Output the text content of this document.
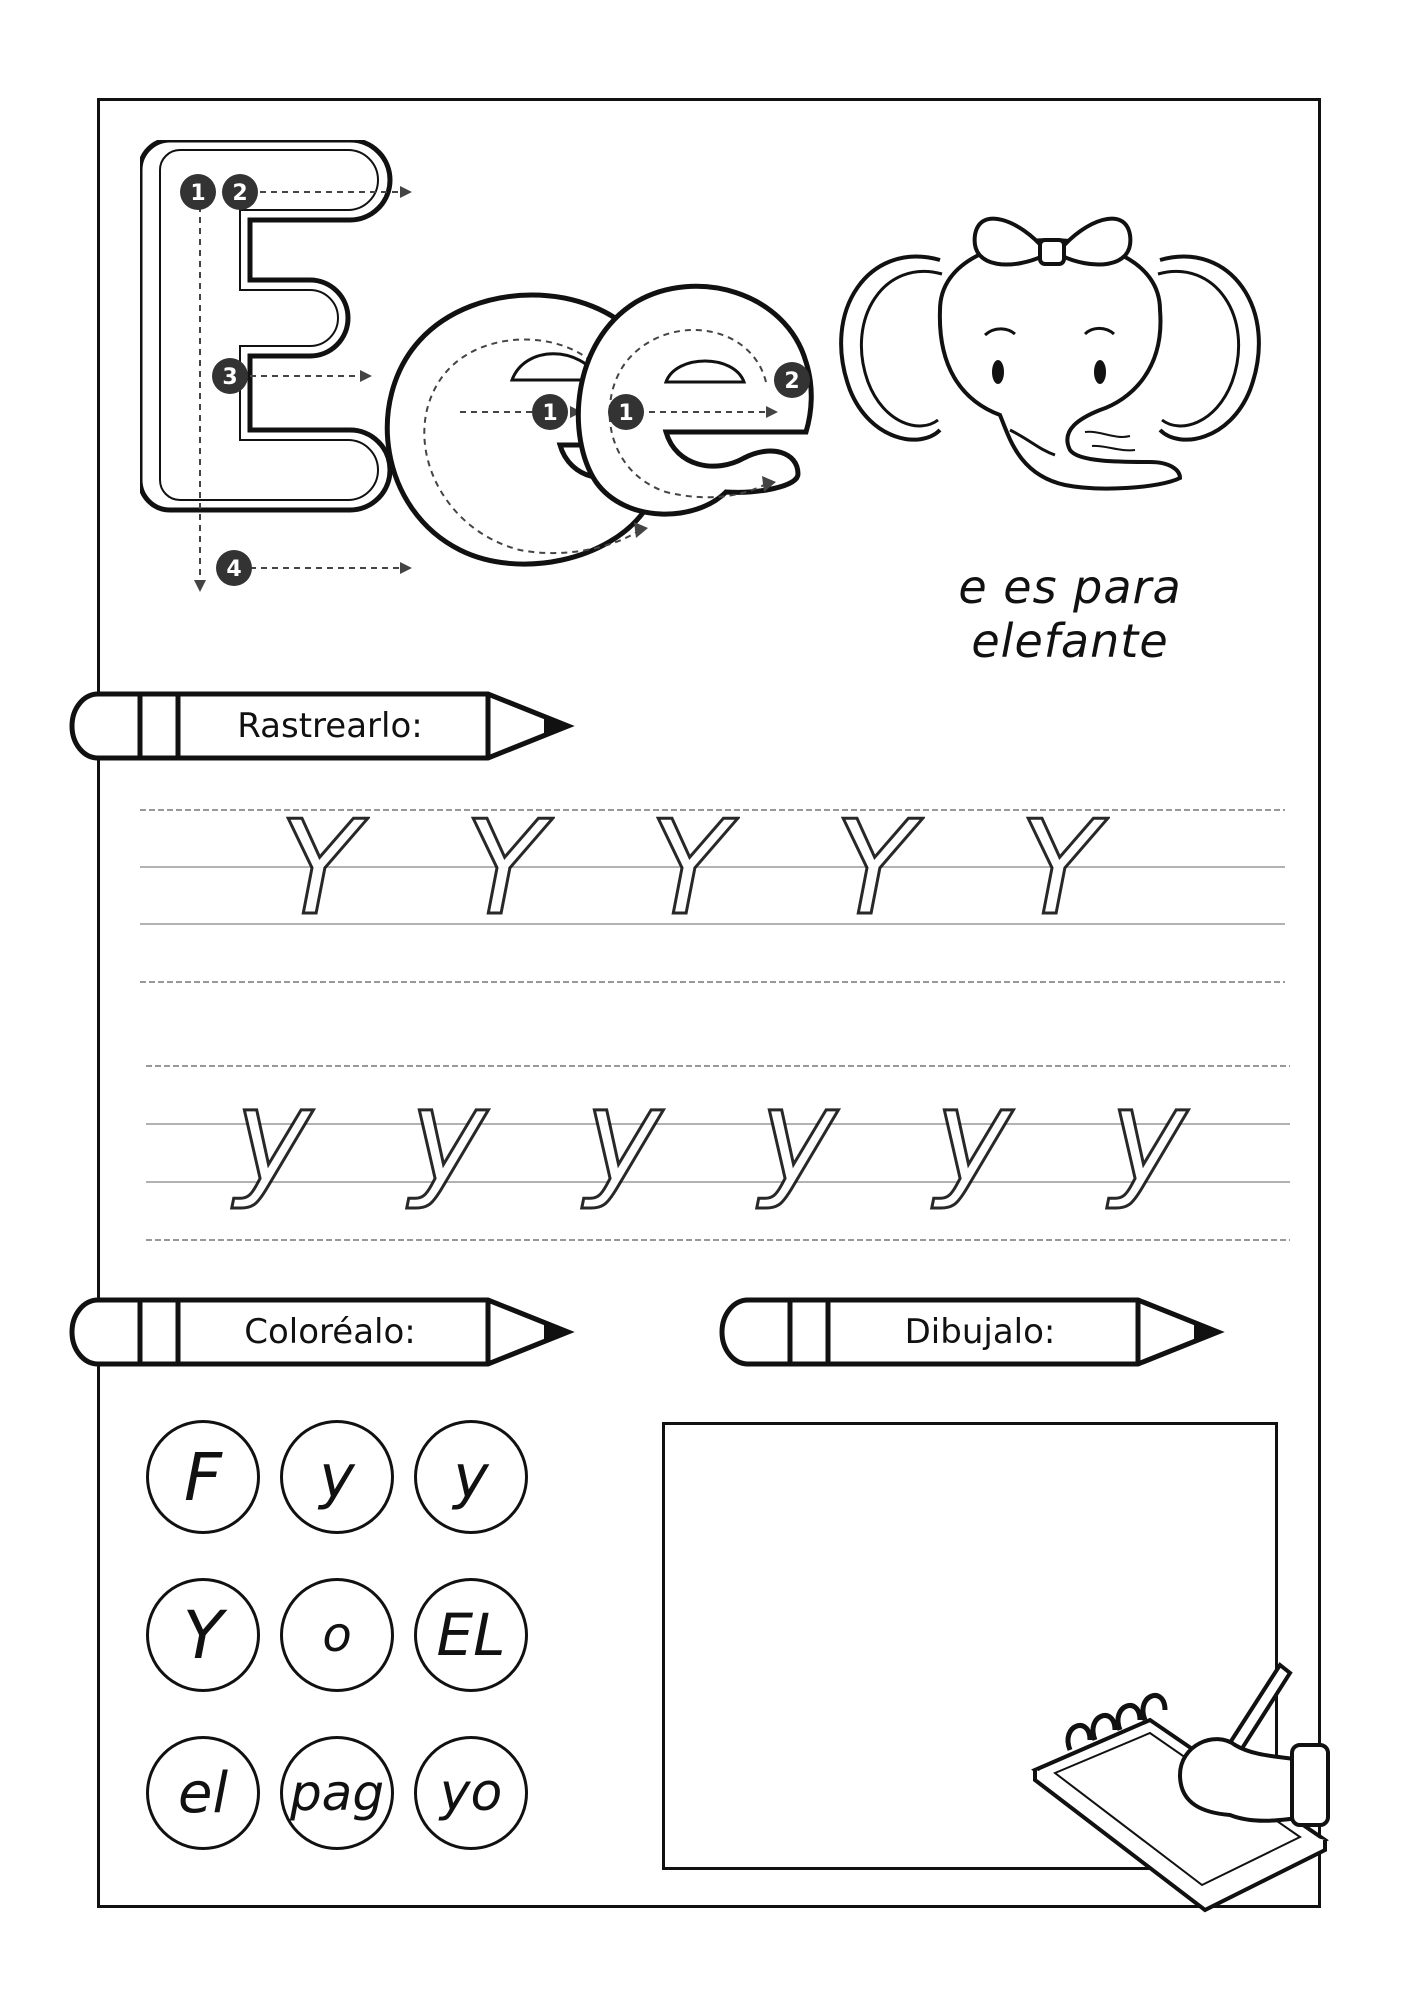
1 2
3
4
1	1
2
e es para elefante
Rastrearlo:
Y Y Y Y Y
y y y y y y
Coloréalo:	Dibujalo:
F	y	y
Y	o	EL
el	pag	yo
